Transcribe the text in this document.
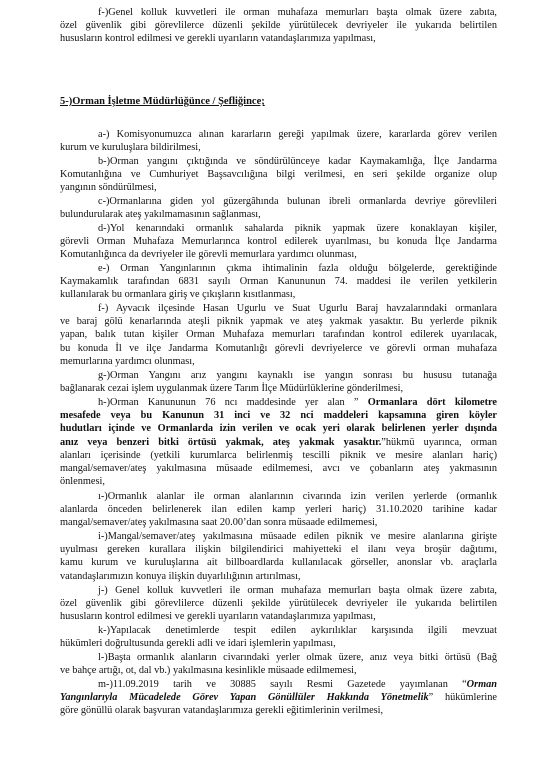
f-)Genel kolluk kuvvetleri ile orman muhafaza memurları başta olmak üzere zabıta,
özel güvenlik gibi görevlilerce düzenli şekilde yürütülecek devriyeler ile yukarıda belirtilen
hususların kontrol edilmesi ve gerekli uyarıların vatandaşlarımıza yapılması,
5-)Orman İşletme Müdürlüğünce / Şefliğince;
a-) Komisyonumuzca alınan kararların gereği yapılmak üzere, kararlarda görev verilen
kurum ve kuruluşlara bildirilmesi,
b-)Orman yangını çıktığında ve söndürülünceye kadar Kaymakamlığa, İlçe Jandarma
Komutanlığına ve Cumhuriyet Başsavcılığına bilgi verilmesi, en seri şekilde organize olup
yangının söndürülmesi,
c-)Ormanlarına giden yol güzergâhında bulunan ibreli ormanlarda devriye görevlileri
bulundurularak ateş yakılmamasının sağlanması,
d-)Yol kenarındaki ormanlık sahalarda piknik yapmak üzere konaklayan kişiler,
görevli Orman Muhafaza Memurlarınca kontrol edilerek uyarılması, bu konuda İlçe Jandarma
Komutanlığınca da devriyeler ile görevli memurlara yardımcı olunması,
e-) Orman Yangınlarının çıkma ihtimalinin fazla olduğu bölgelerde, gerektiğinde
Kaymakamlık tarafından 6831 sayılı Orman Kanununun 74. maddesi ile verilen yetkilerin
kullanılarak bu ormanlara giriş ve çıkışların kısıtlanması,
f-) Ayvacık ilçesinde Hasan Ugurlu ve Suat Ugurlu Baraj havzalarındaki ormanlara
ve baraj gölü kenarlarında ateşli piknik yapmak ve ateş yakmak yasaktır. Bu yerlerde piknik
yapan, balık tutan kişiler Orman Muhafaza memurları tarafından kontrol edilerek uyarılacak,
bu konuda İl ve ilçe Jandarma Komutanlığı görevli devriyelerce ve görevli orman muhafaza
memurlarına yardımcı olunması,
g-)Orman Yangını arız yangını kaynaklı ise yangın sonrası bu hususu tutanağa
bağlanarak cezai işlem uygulanmak üzere Tarım İlçe Müdürlüklerine gönderilmesi,
h-)Orman Kanununun 76 ncı maddesinde yer alan ” Ormanlara dört kilometre
mesafede veya bu Kanunun 31 inci ve 32 nci maddeleri kapsamına giren köyler
hudutları içinde ve Ormanlarda izin verilen ve ocak yeri olarak belirlenen yerler dışında
anız veya benzeri bitki örtüsü yakmak, ateş yakmak yasaktır.”hükmü uyarınca, orman
alanları içerisinde (yetkili kurumlarca belirlenmiş tescilli piknik ve mesire alanları hariç)
mangal/semaver/ateş yakılmasına müsaade edilmemesi, avcı ve çobanların ateş yakmasının
önlenmesi,
ı-)Ormanlık alanlar ile orman alanlarının civarında izin verilen yerlerde (ormanlık
alanlarda önceden belirlenerek ilan edilen kamp yerleri hariç) 31.10.2020 tarihine kadar
mangal/semaver/ateş yakılmasına saat 20.00’dan sonra müsaade edilmemesi,
i-)Mangal/semaver/ateş yakılmasına müsaade edilen piknik ve mesire alanlarına girişte
uyulması gereken kurallara ilişkin bilgilendirici mahiyetteki el ilanı veya broşür dağıtımı,
kamu kurum ve kuruluşlarına ait billboardlarda kullanılacak görseller, anonslar vb. araçlarla
vatandaşlarımızın konuya ilişkin duyarlılığının artırılması,
j-) Genel kolluk kuvvetleri ile orman muhafaza memurları başta olmak üzere zabıta,
özel güvenlik gibi görevlilerce düzenli şekilde yürütülecek devriyeler ile yukarıda belirtilen
hususların kontrol edilmesi ve gerekli uyarıların vatandaşlarımıza yapılması,
k-)Yapılacak denetimlerde tespit edilen aykırılıklar karşısında ilgili mevzuat
hükümleri doğrultusunda gerekli adli ve idari işlemlerin yapılması,
l-)Başta ormanlık alanların civarındaki yerler olmak üzere, anız veya bitki örtüsü (Bağ
ve bahçe artığı, ot, dal vb.) yakılmasına kesinlikle müsaade edilmemesi,
m-)11.09.2019 tarih ve 30885 sayılı Resmi Gazetede yayımlanan “Orman
Yangınlarıyla Mücadelede Görev Yapan Gönüllüler Hakkında Yönetmelik” hükümlerine
göre gönüllü olarak başvuran vatandaşlarımıza gerekli eğitimlerinin verilmesi,
